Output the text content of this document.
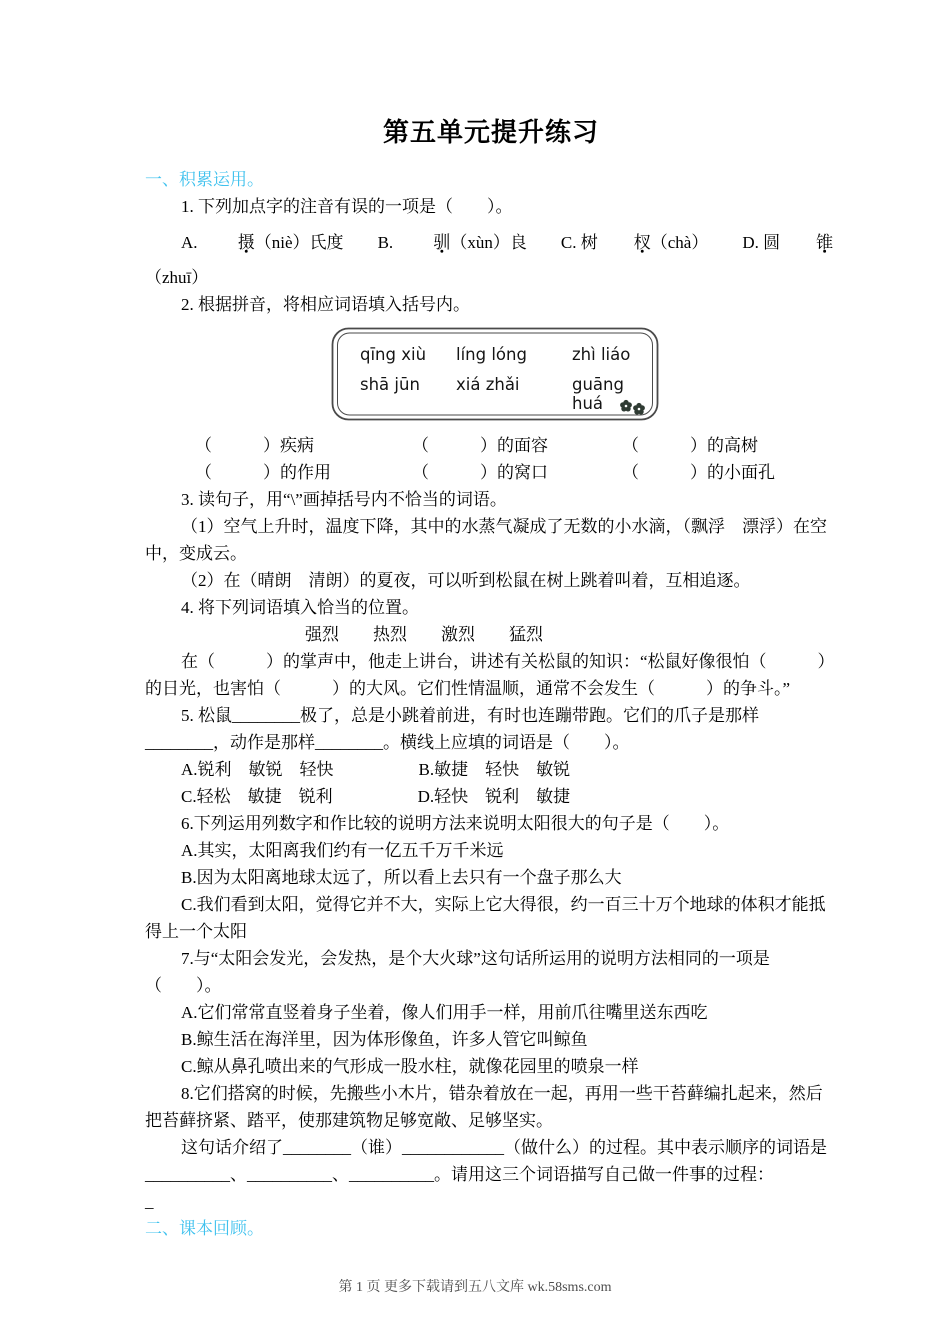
第五单元提升练习

一、积累运用。

1. 下列加点字的注音有误的一项是（　　）。

A. 摄 ・（niè）氏度 B. 驯 ・（xùn）良 C. 树 杈 ・（chà） D. 圆 锥 ・

（zhuī）

2. 根据拼音，将相应词语填入括号内。

qīng xiù	líng lóng	zhì liáo
shā jūn	xiá zhǎi	guāng huá
（　　　）疾病	（　　　）的面容	（　　　）的高树
（　　　）的作用	（　　　）的窝口	（　　　）的小面孔

3. 读句子，用“\”画掉括号内不恰当的词语。

（1）空气上升时，温度下降，其中的水蒸气凝成了无数的小水滴，（飘浮　漂浮）在空中，变成云。

（2）在（晴朗　清朗）的夏夜，可以听到松鼠在树上跳着叫着，互相追逐。

4. 将下列词语填入恰当的位置。

强烈　　热烈　　激烈　　猛烈

在（　　　）的掌声中，他走上讲台，讲述有关松鼠的知识：“松鼠好像很怕（　　　）的日光，也害怕（　　　）的大风。它们性情温顺，通常不会发生（　　　）的争斗。”

5. 松鼠________极了，总是小跳着前进，有时也连蹦带跑。它们的爪子是那样________，动作是那样________。横线上应填的词语是（　　）。

A.锐利　敏锐　轻快　　　　　B.敏捷　轻快　敏锐

C.轻松　敏捷　锐利　　　　　D.轻快　锐利　敏捷

6.下列运用列数字和作比较的说明方法来说明太阳很大的句子是（　　）。

A.其实，太阳离我们约有一亿五千万千米远

B.因为太阳离地球太远了，所以看上去只有一个盘子那么大

C.我们看到太阳，觉得它并不大，实际上它大得很，约一百三十万个地球的体积才能抵得上一个太阳

7.与“太阳会发光，会发热，是个大火球”这句话所运用的说明方法相同的一项是（　　）。

A.它们常常直竖着身子坐着，像人们用手一样，用前爪往嘴里送东西吃

B.鲸生活在海洋里，因为体形像鱼，许多人管它叫鲸鱼

C.鲸从鼻孔喷出来的气形成一股水柱，就像花园里的喷泉一样

8.它们搭窝的时候，先搬些小木片，错杂着放在一起，再用一些干苔藓编扎起来，然后把苔藓挤紧、踏平，使那建筑物足够宽敞、足够坚实。

这句话介绍了________（谁）____________（做什么）的过程。其中表示顺序的词语是__________、__________、__________。请用这三个词语描写自己做一件事的过程：

_

二、课本回顾。

第 1 页 更多下载请到五八文库 wk.58sms.com
